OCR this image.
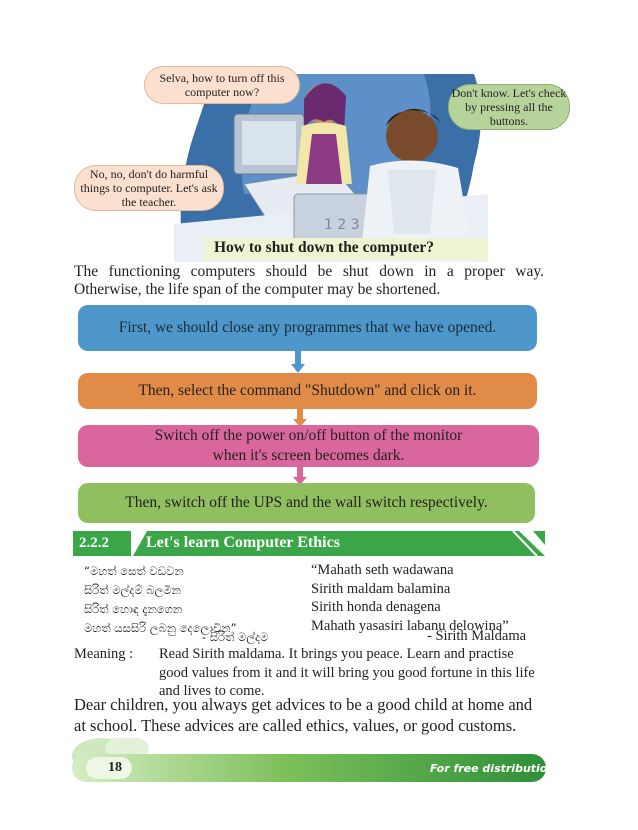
1 2 3
Selva, how to turn off this computer now?	Don't know. Let's check by pressing all the buttons.
No, no, don't do harmful things to computer. Let's ask the teacher.
How to shut down the computer?

The functioning computers should be shut down in a proper way. Otherwise, the life span of the computer may be shortened.

First, we should close any programmes that we have opened.
Then, select the command "Shutdown" and click on it.
Switch off the power on/off button of the monitor when it's screen becomes dark.
Then, switch off the UPS and the wall switch respectively.
2.2.2 Let's learn Computer Ethics
“මහත් සෙත් වඩවන
සිරිත් මල්දම් බලමින
සිරිත් හොඳ දැනගෙන
මහත් යසසිරි ලබනු දෙලොවින”
- සිරිත් මල්දම
“Mahath seth wadawana
Sirith maldam balamina
Sirith honda denagena
Mahath yasasiri labanu delowina”
- Sirith Maldama
Meaning : Read Sirith maldama. It brings you peace. Learn and practise good values from it and it will bring you good fortune in this life and lives to come.

Dear children, you always get advices to be a good child at home and at school. These advices are called ethics, values, or good customs.

18	For free distribution
